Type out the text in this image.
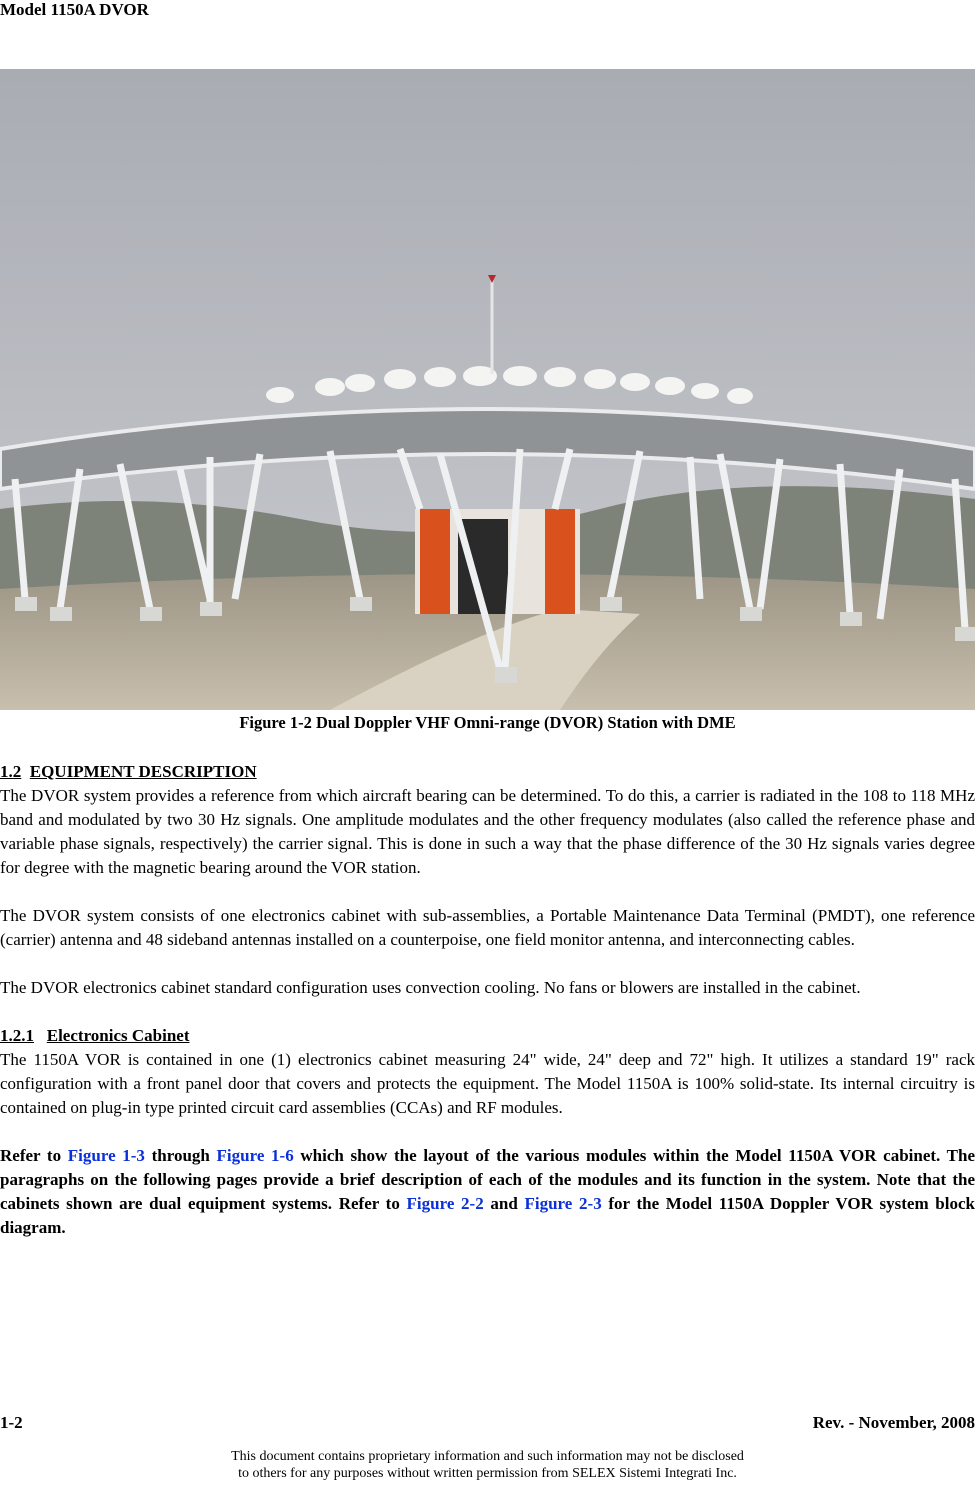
Model 1150A DVOR
Figure 1-2 Dual Doppler VHF Omni-range (DVOR) Station with DME
1.2 EQUIPMENT DESCRIPTION

The DVOR system provides a reference from which aircraft bearing can be determined. To do this, a carrier is radiated in the 108 to 118 MHz band and modulated by two 30 Hz signals. One amplitude modulates and the other frequency modulates (also called the reference phase and variable phase signals, respectively) the carrier signal. This is done in such a way that the phase difference of the 30 Hz signals varies degree for degree with the magnetic bearing around the VOR station.

The DVOR system consists of one electronics cabinet with sub-assemblies, a Portable Maintenance Data Terminal (PMDT), one reference (carrier) antenna and 48 sideband antennas installed on a counterpoise, one field monitor antenna, and interconnecting cables.

The DVOR electronics cabinet standard configuration uses convection cooling. No fans or blowers are installed in the cabinet.

1.2.1 Electronics Cabinet

The 1150A VOR is contained in one (1) electronics cabinet measuring 24" wide, 24" deep and 72" high. It utilizes a standard 19" rack configuration with a front panel door that covers and protects the equipment. The Model 1150A is 100% solid-state. Its internal circuitry is contained on plug-in type printed circuit card assemblies (CCAs) and RF modules.

Refer to Figure 1-3 through Figure 1-6 which show the layout of the various modules within the Model 1150A VOR cabinet. The paragraphs on the following pages provide a brief description of each of the modules and its function in the system. Note that the cabinets shown are dual equipment systems. Refer to Figure 2-2 and Figure 2-3 for the Model 1150A Doppler VOR system block diagram.

1-2	Rev. - November, 2008
This document contains proprietary information and such information may not be disclosed
to others for any purposes without written permission from SELEX Sistemi Integrati Inc.
